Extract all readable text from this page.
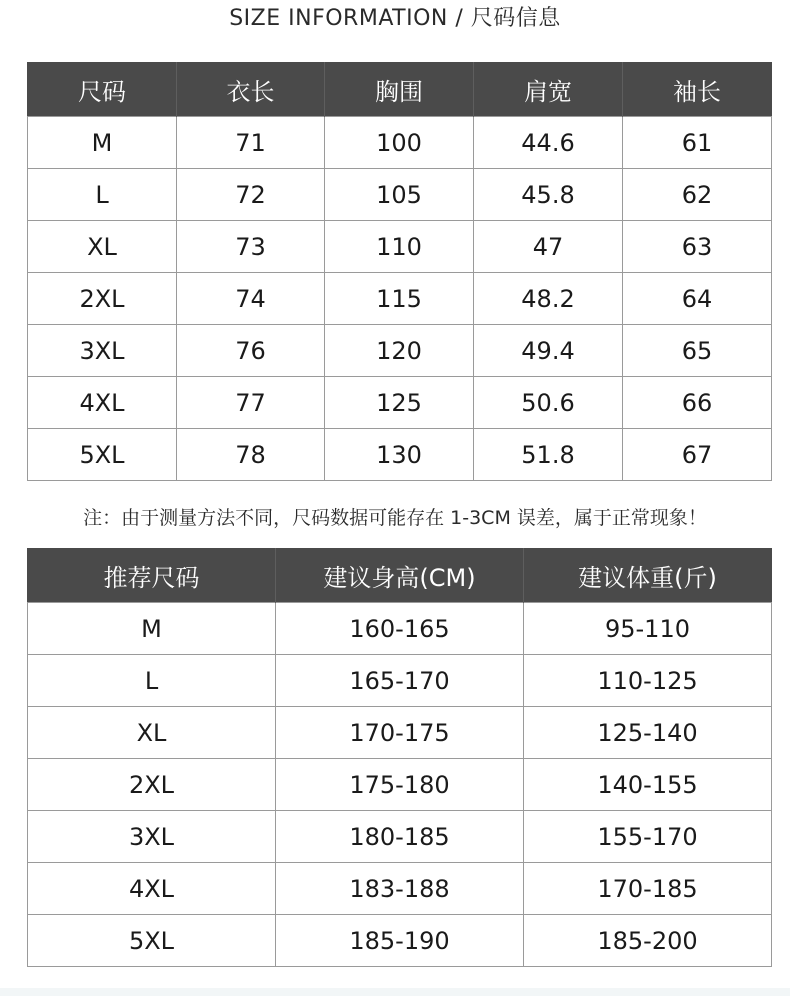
SIZE INFORMATION / 尺码信息
尺码	衣长	胸围	肩宽	袖长
M	71	100	44.6	61
L	72	105	45.8	62
XL	73	110	47	63
2XL	74	115	48.2	64
3XL	76	120	49.4	65
4XL	77	125	50.6	66
5XL	78	130	51.8	67
注：由于测量方法不同，尺码数据可能存在 1-3CM 误差，属于正常现象！
推荐尺码	建议身高(CM)	建议体重(斤)
M	160-165	95-110
L	165-170	110-125
XL	170-175	125-140
2XL	175-180	140-155
3XL	180-185	155-170
4XL	183-188	170-185
5XL	185-190	185-200
